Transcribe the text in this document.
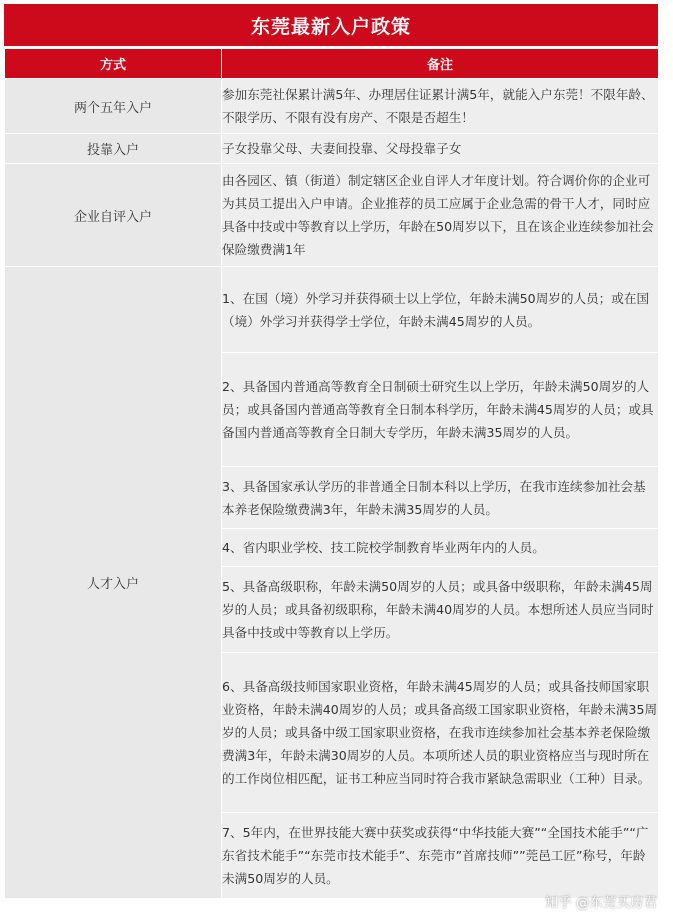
东莞最新入户政策
方式	备注
两个五年入户	参加东莞社保累计满5年、办理居住证累计满5年，就能入户东莞！不限年龄、不限学历、不限有没有房产、不限是否超生！
投靠入户	子女投靠父母、夫妻间投靠、父母投靠子女
企业自评入户	由各园区、镇（街道）制定辖区企业自评人才年度计划。符合调价你的企业可为其员工提出入户申请。企业推荐的员工应属于企业急需的骨干人才，同时应具备中技或中等教育以上学历，年龄在50周岁以下，且在该企业连续参加社会保险缴费满1年
人才入户	1、在国（境）外学习并获得硕士以上学位，年龄未满50周岁的人员；或在国（境）外学习并获得学士学位，年龄未满45周岁的人员。
	2、具备国内普通高等教育全日制硕士研究生以上学历，年龄未满50周岁的人员；或具备国内普通高等教育全日制本科学历，年龄未满45周岁的人员；或具备国内普通高等教育全日制大专学历，年龄未满35周岁的人员。
	3、具备国家承认学历的非普通全日制本科以上学历，在我市连续参加社会基本养老保险缴费满3年，年龄未满35周岁的人员。
	4、省内职业学校、技工院校学制教育毕业两年内的人员。
	5、具备高级职称，年龄未满50周岁的人员；或具备中级职称，年龄未满45周岁的人员；或具备初级职称，年龄未满40周岁的人员。本想所述人员应当同时具备中技或中等教育以上学历。
	6、具备高级技师国家职业资格，年龄未满45周岁的人员；或具备技师国家职业资格，年龄未满40周岁的人员；或具备高级工国家职业资格，年龄未满35周岁的人员；或具备中级工国家职业资格，在我市连续参加社会基本养老保险缴费满3年，年龄未满30周岁的人员。本项所述人员的职业资格应当与现时所在的工作岗位相匹配，证书工种应当同时符合我市紧缺急需职业（工种）目录。
	7、5年内，在世界技能大赛中获奖或获得“中华技能大赛”“全国技术能手”“广东省技术能手”“东莞市技术能手”、东莞市”首席技师””莞邑工匠”称号，年龄未满50周岁的人员。
知乎 @东莞买房君
